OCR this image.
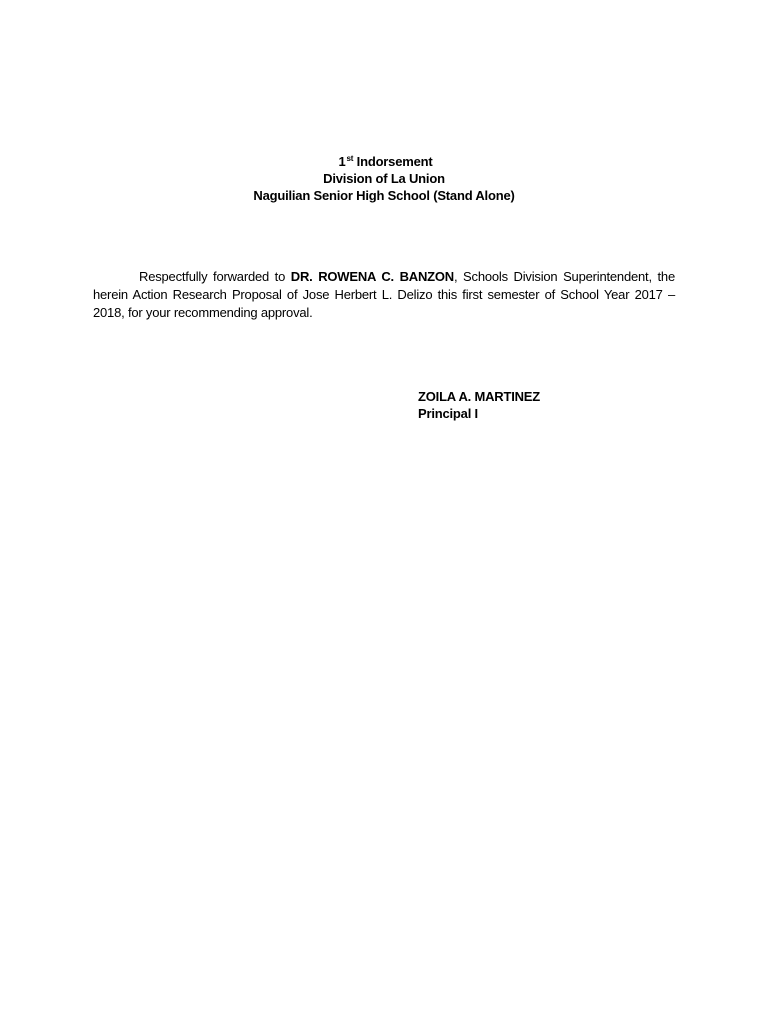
1st Indorsement
Division of La Union
Naguilian Senior High School (Stand Alone)
Respectfully forwarded to DR. ROWENA C. BANZON, Schools Division Superintendent, the herein Action Research Proposal of Jose Herbert L. Delizo this first semester of School Year 2017 – 2018, for your recommending approval.
ZOILA A. MARTINEZ
Principal I
